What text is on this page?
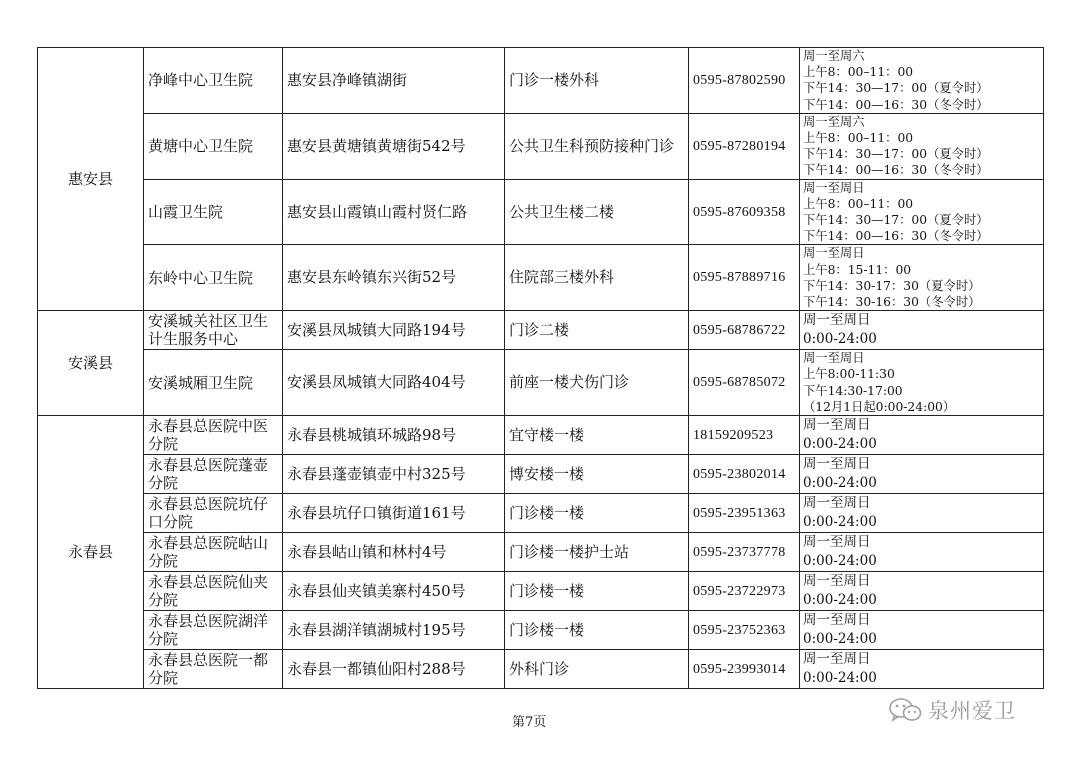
惠安县	净峰中心卫生院	惠安县净峰镇湖街	门诊一楼外科	0595-87802590	周一至周六
上午8：00–11：00
下午14：30—17：00（夏令时）
下午14：00—16：30（冬令时）

	黄塘中心卫生院	惠安县黄塘镇黄塘街542号	公共卫生科预防接种门诊	0595-87280194	周一至周六
上午8：00–11：00
下午14：30—17：00（夏令时）
下午14：00—16：30（冬令时）

	山霞卫生院	惠安县山霞镇山霞村贤仁路	公共卫生楼二楼	0595-87609358	周一至周日
上午8：00–11：00
下午14：30—17：00（夏令时）
下午14：00—16：30（冬令时）

	东岭中心卫生院	惠安县东岭镇东兴街52号	住院部三楼外科	0595-87889716	周一至周日
上午8：15-11：00
下午14：30-17：30（夏令时）
下午14：30-16：30（冬令时）

安溪县	安溪城关社区卫生计生服务中心	安溪县凤城镇大同路194号	门诊二楼	0595-68786722	周一至周日
0:00-24:00

	安溪城厢卫生院	安溪县凤城镇大同路404号	前座一楼犬伤门诊	0595-68785072	周一至周日
上午8:00-11:30
下午14:30-17:00
（12月1日起0:00-24:00）

永春县	永春县总医院中医分院	永春县桃城镇环城路98号	宜守楼一楼	18159209523	周一至周日
0:00-24:00

	永春县总医院蓬壶分院	永春县蓬壶镇壶中村325号	博安楼一楼	0595-23802014	周一至周日
0:00-24:00

	永春县总医院坑仔口分院	永春县坑仔口镇街道161号	门诊楼一楼	0595-23951363	周一至周日
0:00-24:00

	永春县总医院岵山分院	永春县岵山镇和林村4号	门诊楼一楼护士站	0595-23737778	周一至周日
0:00-24:00

	永春县总医院仙夹分院	永春县仙夹镇美寨村450号	门诊楼一楼	0595-23722973	周一至周日
0:00-24:00

	永春县总医院湖洋分院	永春县湖洋镇湖城村195号	门诊楼一楼	0595-23752363	周一至周日
0:00-24:00

	永春县总医院一都分院	永春县一都镇仙阳村288号	外科门诊	0595-23993014	周一至周日
0:00-24:00
第7页	泉州爱卫
